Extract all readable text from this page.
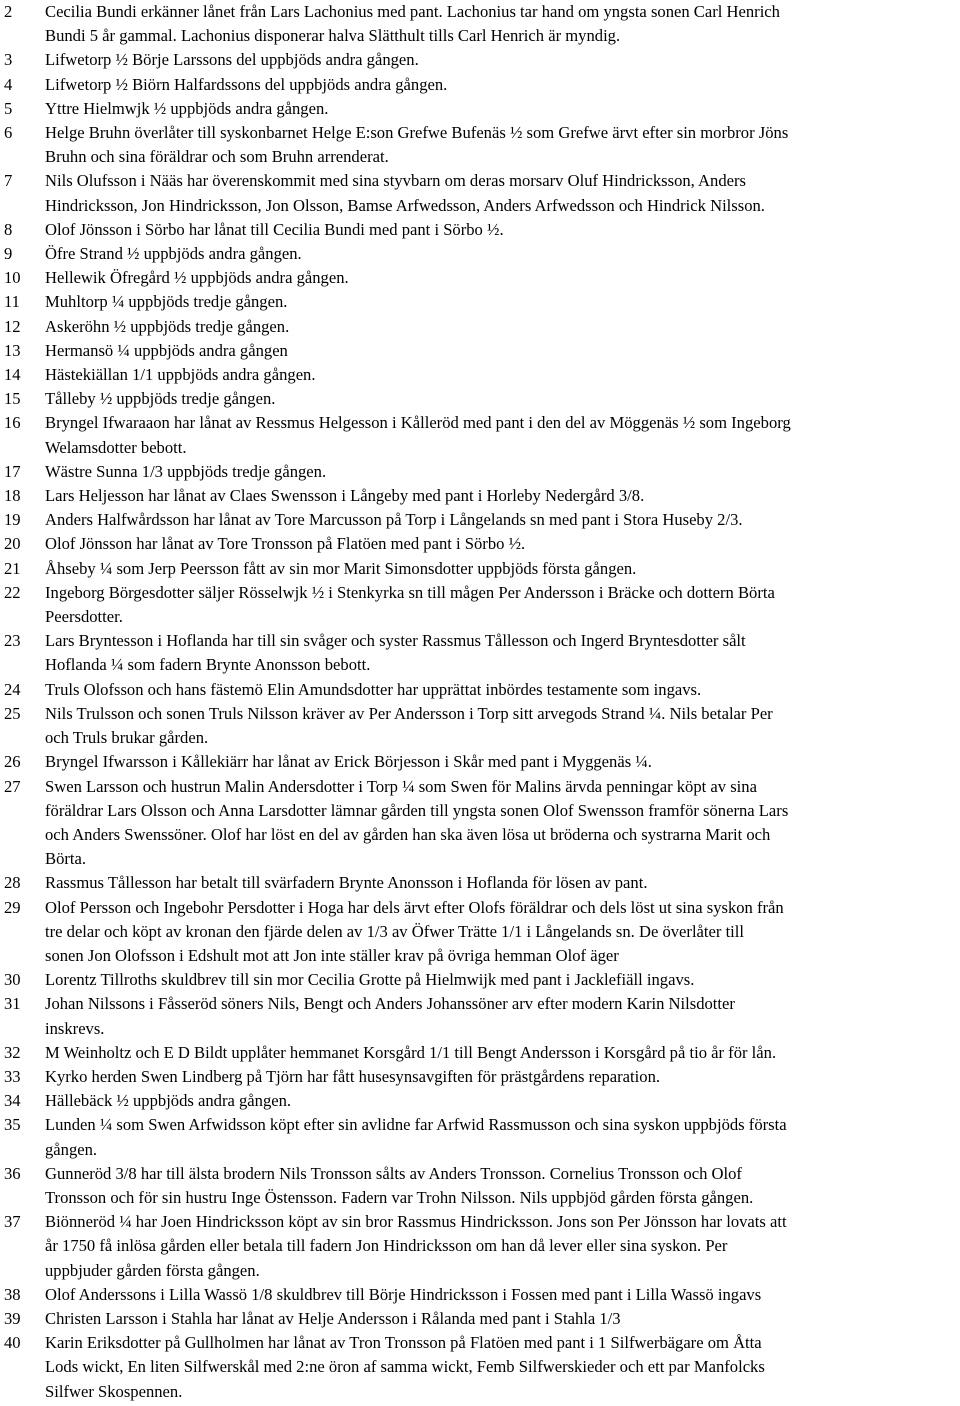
2	Cecilia Bundi erkänner lånet från Lars Lachonius med pant. Lachonius tar hand om yngsta sonen Carl Henrich
Bundi 5 år gammal. Lachonius disponerar halva Slätthult tills Carl Henrich är myndig.
3	Lifwetorp ½ Börje Larssons del uppbjöds andra gången.
4	Lifwetorp ½ Biörn Halfardssons del uppbjöds andra gången.
5	Yttre Hielmwjk ½ uppbjöds andra gången.
6	Helge Bruhn överlåter till syskonbarnet Helge E:son Grefwe Bufenäs ½ som Grefwe ärvt efter sin morbror Jöns
Bruhn och sina föräldrar och som Bruhn arrenderat.
7	Nils Olufsson i Nääs har överenskommit med sina styvbarn om deras morsarv Oluf Hindricksson, Anders
Hindricksson, Jon Hindricksson, Jon Olsson, Bamse Arfwedsson, Anders Arfwedsson och Hindrick Nilsson.
8	Olof Jönsson i Sörbo har lånat till Cecilia Bundi med pant i Sörbo ½.
9	Öfre Strand ½ uppbjöds andra gången.
10	Hellewik Öfregård ½ uppbjöds andra gången.
11	Muhltorp ¼ uppbjöds tredje gången.
12	Askeröhn ½ uppbjöds tredje gången.
13	Hermansö ¼ uppbjöds andra gången
14	Hästekiällan 1/1 uppbjöds andra gången.
15	Tålleby ½ uppbjöds tredje gången.
16	Bryngel Ifwaraaon har lånat av Ressmus Helgesson i Kålleröd med pant i den del av Möggenäs ½ som Ingeborg
Welamsdotter bebott.
17	Wästre Sunna 1/3 uppbjöds tredje gången.
18	Lars Heljesson har lånat av Claes Swensson i Långeby med pant i Horleby Nedergård 3/8.
19	Anders Halfwårdsson har lånat av Tore Marcusson på Torp i Långelands sn med pant i Stora Huseby 2/3.
20	Olof Jönsson har lånat av Tore Tronsson på Flatöen med pant i Sörbo ½.
21	Åhseby ¼ som Jerp Peersson fått av sin mor Marit Simonsdotter uppbjöds första gången.
22	Ingeborg Börgesdotter säljer Rösselwjk ½ i Stenkyrka sn till mågen Per Andersson i Bräcke och dottern Börta
Peersdotter.
23	Lars Bryntesson i Hoflanda har till sin svåger och syster Rassmus Tållesson och Ingerd Bryntesdotter sålt
Hoflanda ¼ som fadern Brynte Anonsson bebott.
24	Truls Olofsson och hans fästemö Elin Amundsdotter har upprättat inbördes testamente som ingavs.
25	Nils Trulsson och sonen Truls Nilsson kräver av Per Andersson i Torp sitt arvegods Strand ¼. Nils betalar Per
och Truls brukar gården.
26	Bryngel Ifwarsson i Kållekiärr har lånat av Erick Börjesson i Skår med pant i Myggenäs ¼.
27	Swen Larsson och hustrun Malin Andersdotter i Torp ¼ som Swen för Malins ärvda penningar köpt av sina
föräldrar Lars Olsson och Anna Larsdotter lämnar gården till yngsta sonen Olof Swensson framför sönerna Lars
och Anders Swenssöner. Olof har löst en del av gården han ska även lösa ut bröderna och systrarna Marit och
Börta.
28	Rassmus Tållesson har betalt till svärfadern Brynte Anonsson i Hoflanda för lösen av pant.
29	Olof Persson och Ingebohr Persdotter i Hoga har dels ärvt efter Olofs föräldrar och dels löst ut sina syskon från
tre delar och köpt av kronan den fjärde delen av 1/3 av Öfwer Trätte 1/1 i Långelands sn. De överlåter till
sonen Jon Olofsson i Edshult mot att Jon inte ställer krav på övriga hemman Olof äger
30	Lorentz Tillroths skuldbrev till sin mor Cecilia Grotte på Hielmwijk med pant i Jacklefiäll ingavs.
31	Johan Nilssons i Fåsseröd söners Nils, Bengt och Anders Johanssöner arv efter modern Karin Nilsdotter
inskrevs.
32	M Weinholtz och E D Bildt upplåter hemmanet Korsgård 1/1 till Bengt Andersson i Korsgård på tio år för lån.
33	Kyrko herden Swen Lindberg på Tjörn har fått husesynsavgiften för prästgårdens reparation.
34	Hällebäck ½ uppbjöds andra gången.
35	Lunden ¼ som Swen Arfwidsson köpt efter sin avlidne far Arfwid Rassmusson och sina syskon uppbjöds första
gången.
36	Gunneröd 3/8 har till älsta brodern Nils Tronsson sålts av Anders Tronsson. Cornelius Tronsson och Olof
Tronsson och för sin hustru Inge Östensson. Fadern var Trohn Nilsson. Nils uppbjöd gården första gången.
37	Biönneröd ¼ har Joen Hindricksson köpt av sin bror Rassmus Hindricksson. Jons son Per Jönsson har lovats att
år 1750 få inlösa gården eller betala till fadern Jon Hindricksson om han då lever eller sina syskon. Per
uppbjuder gården första gången.
38	Olof Anderssons i Lilla Wassö 1/8 skuldbrev till Börje Hindricksson i Fossen med pant i Lilla Wassö ingavs
39	Christen Larsson i Stahla har lånat av Helje Andersson i Rålanda med pant i Stahla 1/3
40	Karin Eriksdotter på Gullholmen har lånat av Tron Tronsson på Flatöen med pant i 1 Silfwerbägare om Åtta
Lods wickt, En liten Silfwerskål med 2:ne öron af samma wickt, Femb Silfwerskieder och ett par Manfolcks
Silfwer Skospennen.
